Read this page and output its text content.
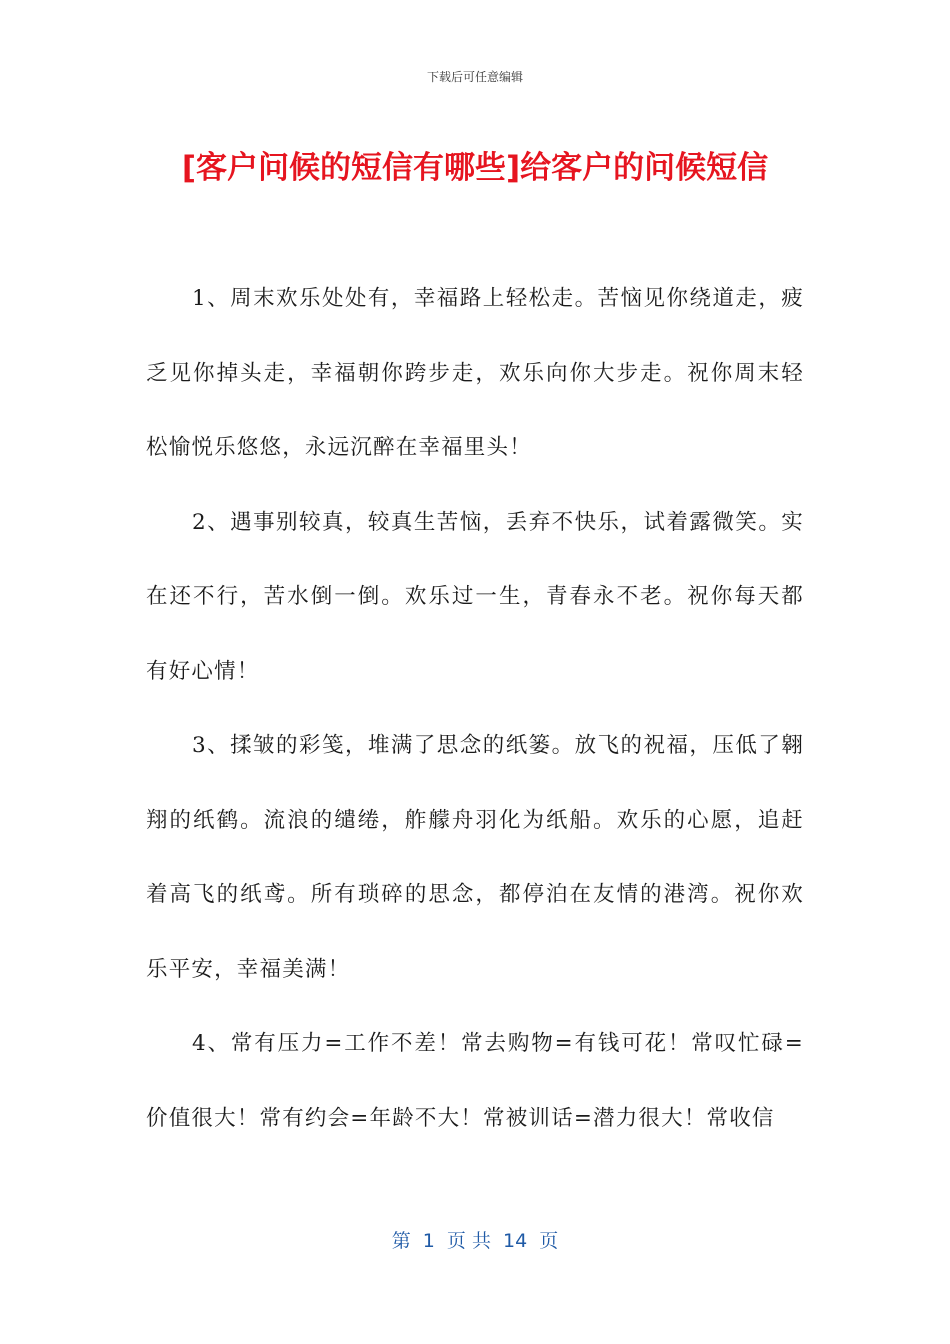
下载后可任意编辑
[客户问候的短信有哪些]给客户的问候短信

1、周末欢乐处处有，幸福路上轻松走。苦恼见你绕道走，疲乏见你掉头走，幸福朝你跨步走，欢乐向你大步走。祝你周末轻松愉悦乐悠悠，永远沉醉在幸福里头！

2、遇事别较真，较真生苦恼，丢弃不快乐，试着露微笑。实在还不行，苦水倒一倒。欢乐过一生，青春永不老。祝你每天都有好心情！

3、揉皱的彩笺，堆满了思念的纸篓。放飞的祝福，压低了翱翔的纸鹤。流浪的缱绻，舴艨舟羽化为纸船。欢乐的心愿，追赶着高飞的纸鸢。所有琐碎的思念，都停泊在友情的港湾。祝你欢乐平安，幸福美满！

4、常有压力=工作不差！常去购物=有钱可花！常叹忙碌=价值很大！常有约会=年龄不大！常被训话=潜力很大！常收信

第  1  页 共  14  页
